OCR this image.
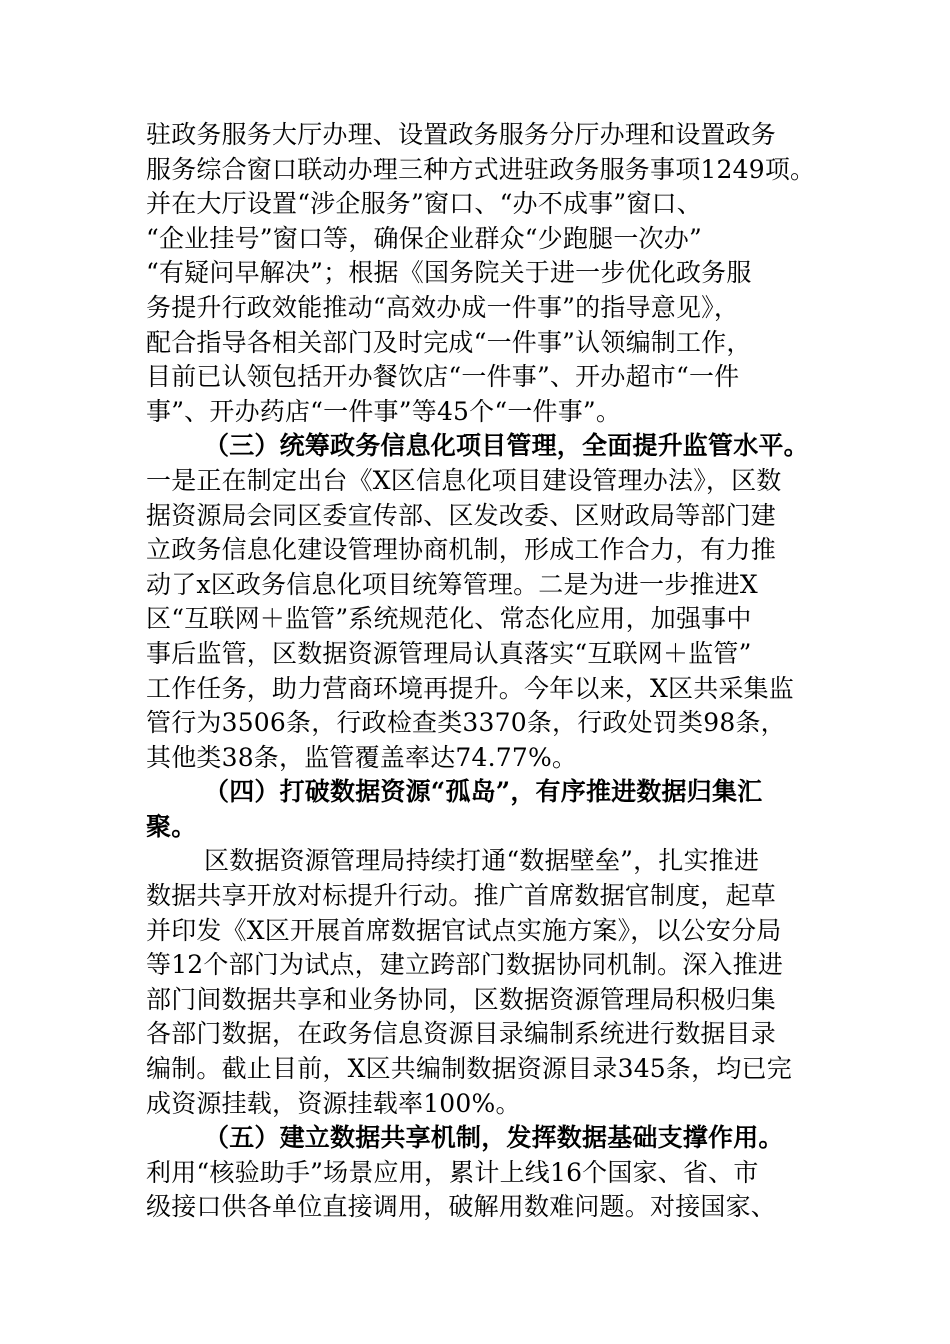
驻政务服务大厅办理、设置政务服务分厅办理和设置政务
服务综合窗口联动办理三种方式进驻政务服务事项1249项。
并在大厅设置“涉企服务”窗口、“办不成事”窗口、
“企业挂号”窗口等，确保企业群众“少跑腿一次办”
“有疑问早解决”；根据《国务院关于进一步优化政务服
务提升行政效能推动“高效办成一件事”的指导意见》，
配合指导各相关部门及时完成“一件事”认领编制工作，
目前已认领包括开办餐饮店“一件事”、开办超市“一件
事”、开办药店“一件事”等45个“一件事”。
（三）统筹政务信息化项目管理，全面提升监管水平。
一是正在制定出台《X区信息化项目建设管理办法》，区数
据资源局会同区委宣传部、区发改委、区财政局等部门建
立政务信息化建设管理协商机制，形成工作合力，有力推
动了x区政务信息化项目统筹管理。二是为进一步推进X
区“互联网＋监管”系统规范化、常态化应用，加强事中
事后监管，区数据资源管理局认真落实“互联网＋监管”
工作任务，助力营商环境再提升。今年以来，X区共采集监
管行为3506条，行政检查类3370条，行政处罚类98条，
其他类38条，监管覆盖率达74.77%。
（四）打破数据资源“孤岛”，有序推进数据归集汇
聚。
区数据资源管理局持续打通“数据壁垒”，扎实推进
数据共享开放对标提升行动。推广首席数据官制度，起草
并印发《X区开展首席数据官试点实施方案》，以公安分局
等12个部门为试点，建立跨部门数据协同机制。深入推进
部门间数据共享和业务协同，区数据资源管理局积极归集
各部门数据，在政务信息资源目录编制系统进行数据目录
编制。截止目前，X区共编制数据资源目录345条，均已完
成资源挂载，资源挂载率100%。
（五）建立数据共享机制，发挥数据基础支撑作用。
利用“核验助手”场景应用，累计上线16个国家、省、市
级接口供各单位直接调用，破解用数难问题。对接国家、
